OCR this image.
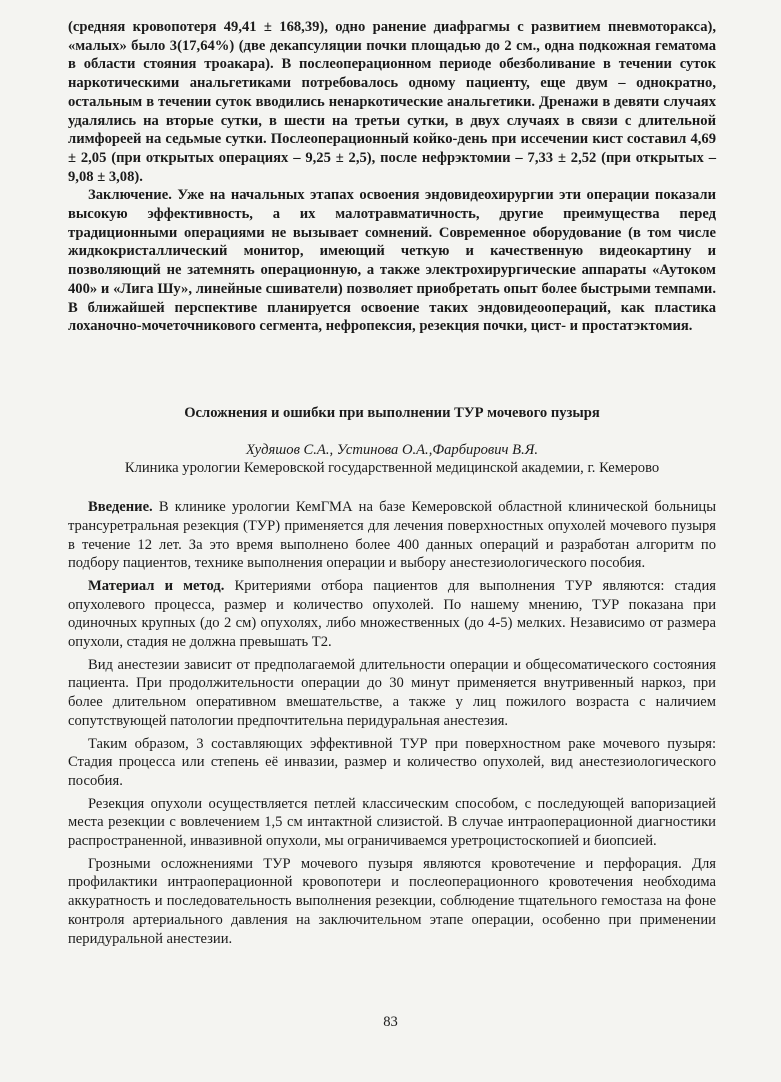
(средняя кровопотеря 49,41 ± 168,39), одно ранение диафрагмы с развитием пневмоторакса), «малых» было 3(17,64%) (две декапсуляции почки площадью до 2 см., одна подкожная гематома в области стояния троакара). В послеоперационном периоде обезболивание в течении суток наркотическими анальгетиками потребовалось одному пациенту, еще двум – однократно, остальным в течении суток вводились ненаркотические анальгетики. Дренажи в девяти случаях удалялись на вторые сутки, в шести на третьи сутки, в двух случаях в связи с длительной лимфореей на седьмые сутки. Послеоперационный койко-день при иссечении кист составил 4,69 ± 2,05 (при открытых операциях – 9,25 ± 2,5), после нефрэктомии – 7,33 ± 2,52 (при открытых – 9,08 ± 3,08).

Заключение. Уже на начальных этапах освоения эндовидеохирургии эти операции показали высокую эффективность, а их малотравматичность, другие преимущества перед традиционными операциями не вызывает сомнений. Современное оборудование (в том числе жидкокристаллический монитор, имеющий четкую и качественную видеокартину и позволяющий не затемнять операционную, а также электрохирургические аппараты «Аутоком 400» и «Лига Шу», линейные сшиватели) позволяет приобретать опыт более быстрыми темпами. В ближайшей перспективе планируется освоение таких эндовидеоопераций, как пластика лоханочно-мочеточникового сегмента, нефропексия, резекция почки, цист- и простатэктомия.

Осложнения и ошибки при выполнении ТУР мочевого пузыря
Худяшов С.А., Устинова О.А.,Фарбирович В.Я.
Клиника урологии Кемеровской государственной медицинской академии, г. Кемерово

Введение. В клинике урологии КемГМА на базе Кемеровской областной клинической больницы трансуретральная резекция (ТУР) применяется для лечения поверхностных опухолей мочевого пузыря в течение 12 лет. За это время выполнено более 400 данных операций и разработан алгоритм по подбору пациентов, технике выполнения операции и выбору анестезиологического пособия.

Материал и метод. Критериями отбора пациентов для выполнения ТУР являются: стадия опухолевого процесса, размер и количество опухолей. По нашему мнению, ТУР показана при одиночных крупных (до 2 см) опухолях, либо множественных (до 4-5) мелких. Независимо от размера опухоли, стадия не должна превышать Т2.

Вид анестезии зависит от предполагаемой длительности операции и общесоматического состояния пациента. При продолжительности операции до 30 минут применяется внутривенный наркоз, при более длительном оперативном вмешательстве, а также у лиц пожилого возраста с наличием сопутствующей патологии предпочтительна перидуральная анестезия.

Таким образом, 3 составляющих эффективной ТУР при поверхностном раке мочевого пузыря: Стадия процесса или степень её инвазии, размер и количество опухолей, вид анестезиологического пособия.

Резекция опухоли осуществляется петлей классическим способом, с последующей вапоризацией места резекции с вовлечением 1,5 см интактной слизистой. В случае интраоперационной диагностики распространенной, инвазивной опухоли, мы ограничиваемся уретроцистоскопией и биопсией.

Грозными осложнениями ТУР мочевого пузыря являются кровотечение и перфорация. Для профилактики интраоперационной кровопотери и послеоперационного кровотечения необходима аккуратность и последовательность выполнения резекции, соблюдение тщательного гемостаза на фоне контроля артериального давления на заключительном этапе операции, особенно при применении перидуральной анестезии.

83
